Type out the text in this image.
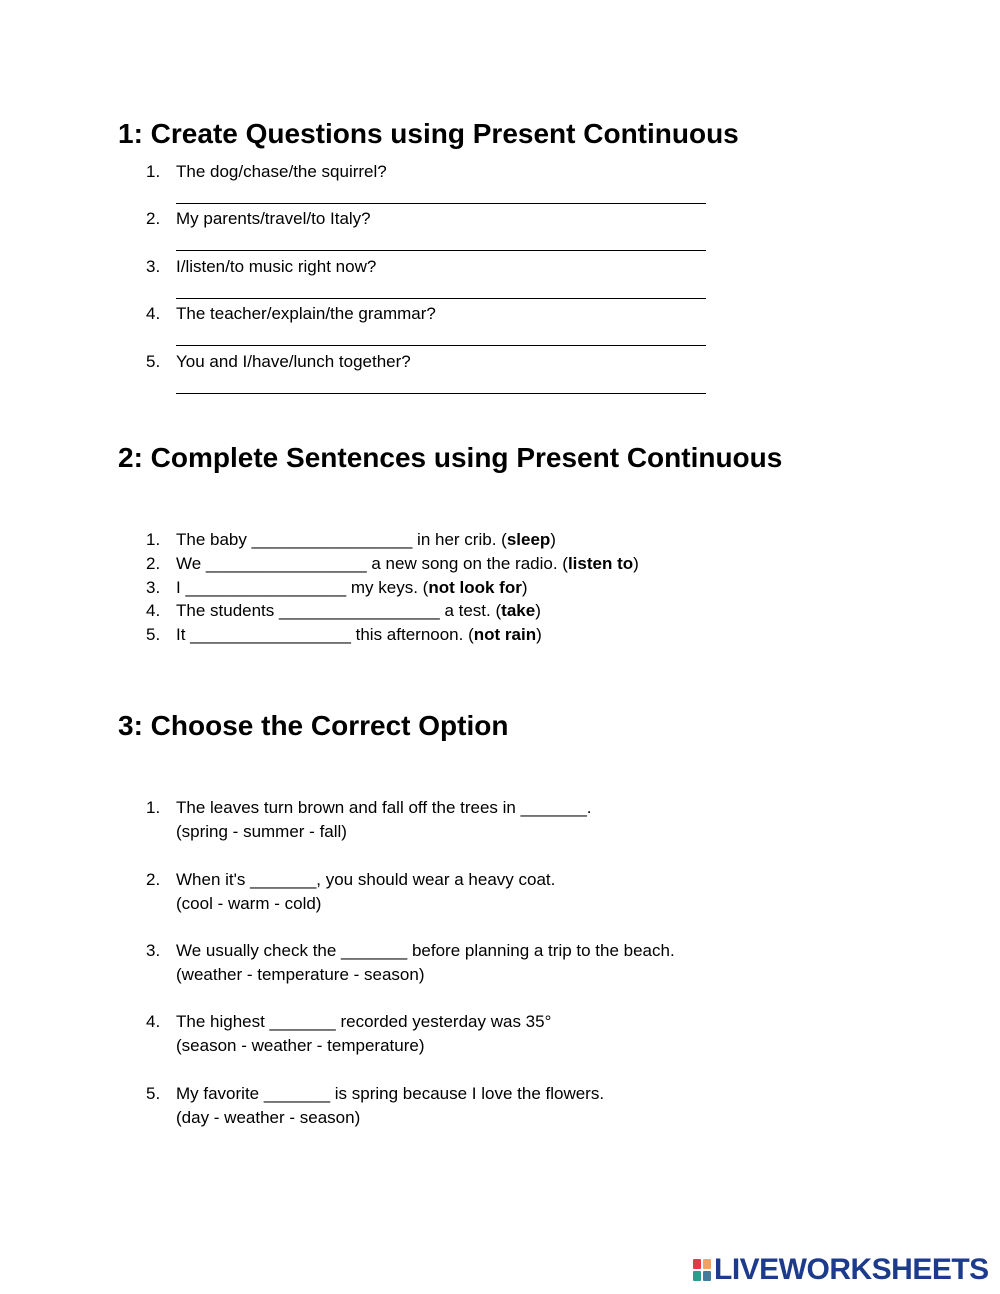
1: Create Questions using Present Continuous
1. The dog/chase/the squirrel?
2. My parents/travel/to Italy?
3. I/listen/to music right now?
4. The teacher/explain/the grammar?
5. You and I/have/lunch together?
2: Complete Sentences using Present Continuous
1. The baby _________________ in her crib. (sleep)
2. We _________________ a new song on the radio. (listen to)
3. I _________________ my keys. (not look for)
4. The students _________________ a test. (take)
5. It _________________ this afternoon. (not rain)
3: Choose the Correct Option
1. The leaves turn brown and fall off the trees in _______.
(spring - summer - fall)
2. When it's _______, you should wear a heavy coat.
(cool - warm - cold)
3. We usually check the _______ before planning a trip to the beach.
(weather - temperature - season)
4. The highest _______ recorded yesterday was 35°
(season - weather - temperature)
5. My favorite _______ is spring because I love the flowers.
(day - weather - season)
LIVEWORKSHEETS
